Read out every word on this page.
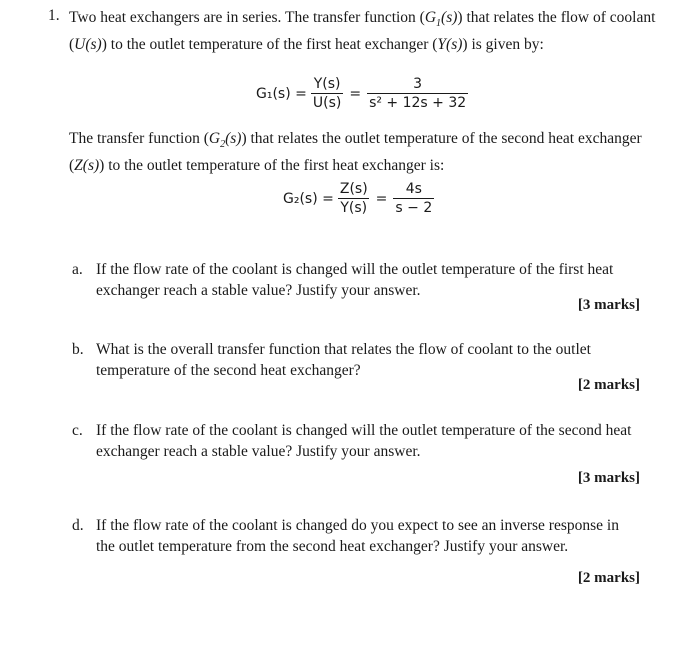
1. Two heat exchangers are in series. The transfer function $(G_1(s))$ that relates the flow of coolant (U(s)) to the outlet temperature of the first heat exchanger (Y(s)) is given by:
$G_1(s) = \frac{Y(s)}{U(s)} = \frac{3}{\text{s² + 12s + 32}}$
The transfer function $(G_2(s))$ that relates the outlet temperature of the second heat exchanger (Z(s)) to the outlet temperature of the first heat exchanger is:
$G_2(s) = \frac{Z(s)}{Y(s)} = \frac{4s}{s - 2}$
a. If the flow rate of the coolant is changed will the outlet temperature of the first heat exchanger reach a stable value? Justify your answer.
[3 marks]
b. What is the overall transfer function that relates the flow of coolant to the outlet temperature of the second heat exchanger?
[2 marks]
c. If the flow rate of the coolant is changed will the outlet temperature of the second heat exchanger reach a stable value? Justify your answer.
[3 marks]
d. If the flow rate of the coolant is changed do you expect to see an inverse response in the outlet temperature from the second heat exchanger? Justify your answer.
[2 marks]
